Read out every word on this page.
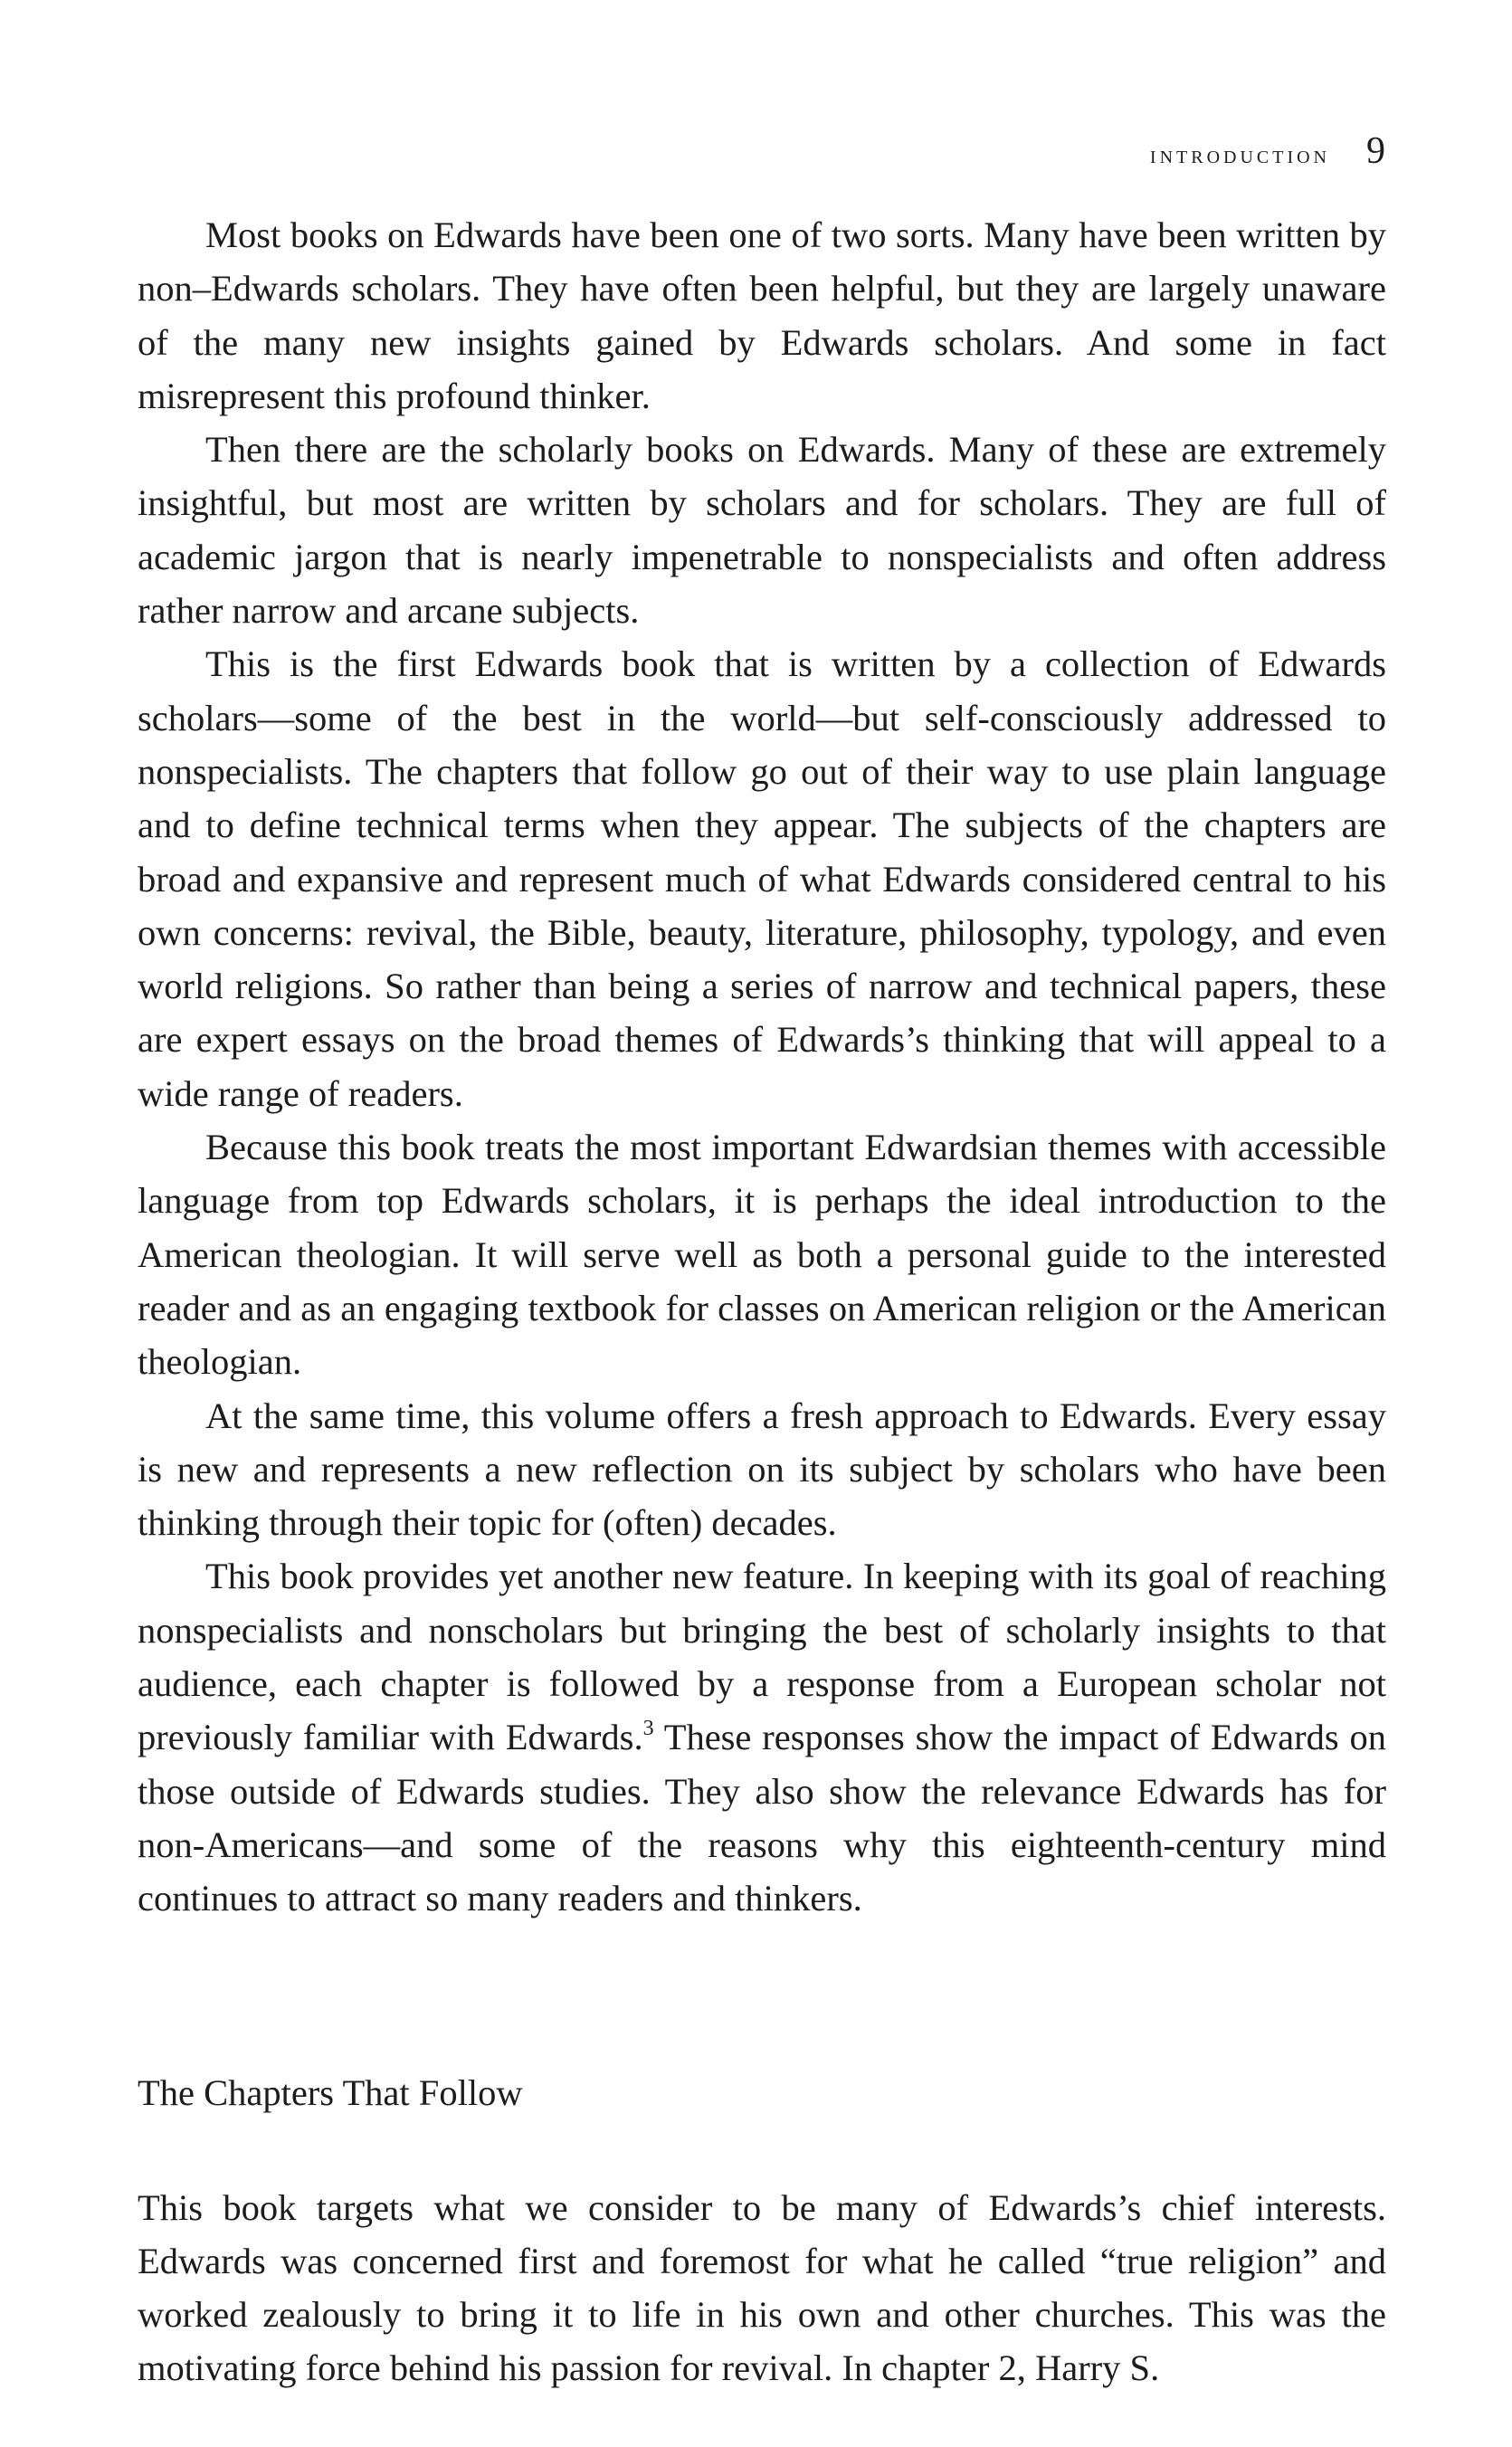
introduction 9

Most books on Edwards have been one of two sorts. Many have been written by non–Edwards scholars. They have often been helpful, but they are largely unaware of the many new insights gained by Edwards scholars. And some in fact misrepresent this profound thinker.

Then there are the scholarly books on Edwards. Many of these are extremely insightful, but most are written by scholars and for scholars. They are full of academic jargon that is nearly impenetrable to nonspecialists and often address rather narrow and arcane subjects.

This is the first Edwards book that is written by a collection of Edwards scholars—some of the best in the world—but self-consciously addressed to nonspecialists. The chapters that follow go out of their way to use plain language and to define technical terms when they appear. The subjects of the chapters are broad and expansive and represent much of what Edwards considered central to his own concerns: revival, the Bible, beauty, literature, philosophy, typology, and even world religions. So rather than being a series of narrow and technical papers, these are expert essays on the broad themes of Edwards’s thinking that will appeal to a wide range of readers.

Because this book treats the most important Edwardsian themes with accessible language from top Edwards scholars, it is perhaps the ideal introduction to the American theologian. It will serve well as both a personal guide to the interested reader and as an engaging textbook for classes on American religion or the American theologian.

At the same time, this volume offers a fresh approach to Edwards. Every essay is new and represents a new reflection on its subject by scholars who have been thinking through their topic for (often) decades.

This book provides yet another new feature. In keeping with its goal of reaching nonspecialists and nonscholars but bringing the best of scholarly insights to that audience, each chapter is followed by a response from a European scholar not previously familiar with Edwards.$^3$ These responses show the impact of Edwards on those outside of Edwards studies. They also show the relevance Edwards has for non-Americans—and some of the reasons why this eighteenth-century mind continues to attract so many readers and thinkers.

The Chapters That Follow

This book targets what we consider to be many of Edwards’s chief interests. Edwards was concerned first and foremost for what he called “true religion” and worked zealously to bring it to life in his own and other churches. This was the motivating force behind his passion for revival. In chapter 2, Harry S.
